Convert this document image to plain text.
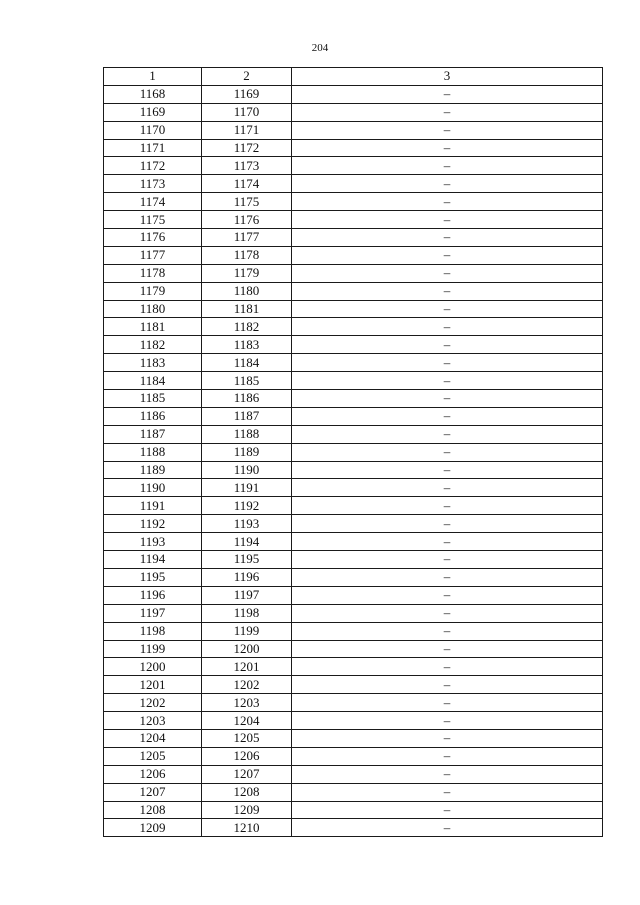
204
1	2	3
1168	1169	–
1169	1170	–
1170	1171	–
1171	1172	–
1172	1173	–
1173	1174	–
1174	1175	–
1175	1176	–
1176	1177	–
1177	1178	–
1178	1179	–
1179	1180	–
1180	1181	–
1181	1182	–
1182	1183	–
1183	1184	–
1184	1185	–
1185	1186	–
1186	1187	–
1187	1188	–
1188	1189	–
1189	1190	–
1190	1191	–
1191	1192	–
1192	1193	–
1193	1194	–
1194	1195	–
1195	1196	–
1196	1197	–
1197	1198	–
1198	1199	–
1199	1200	–
1200	1201	–
1201	1202	–
1202	1203	–
1203	1204	–
1204	1205	–
1205	1206	–
1206	1207	–
1207	1208	–
1208	1209	–
1209	1210	–
